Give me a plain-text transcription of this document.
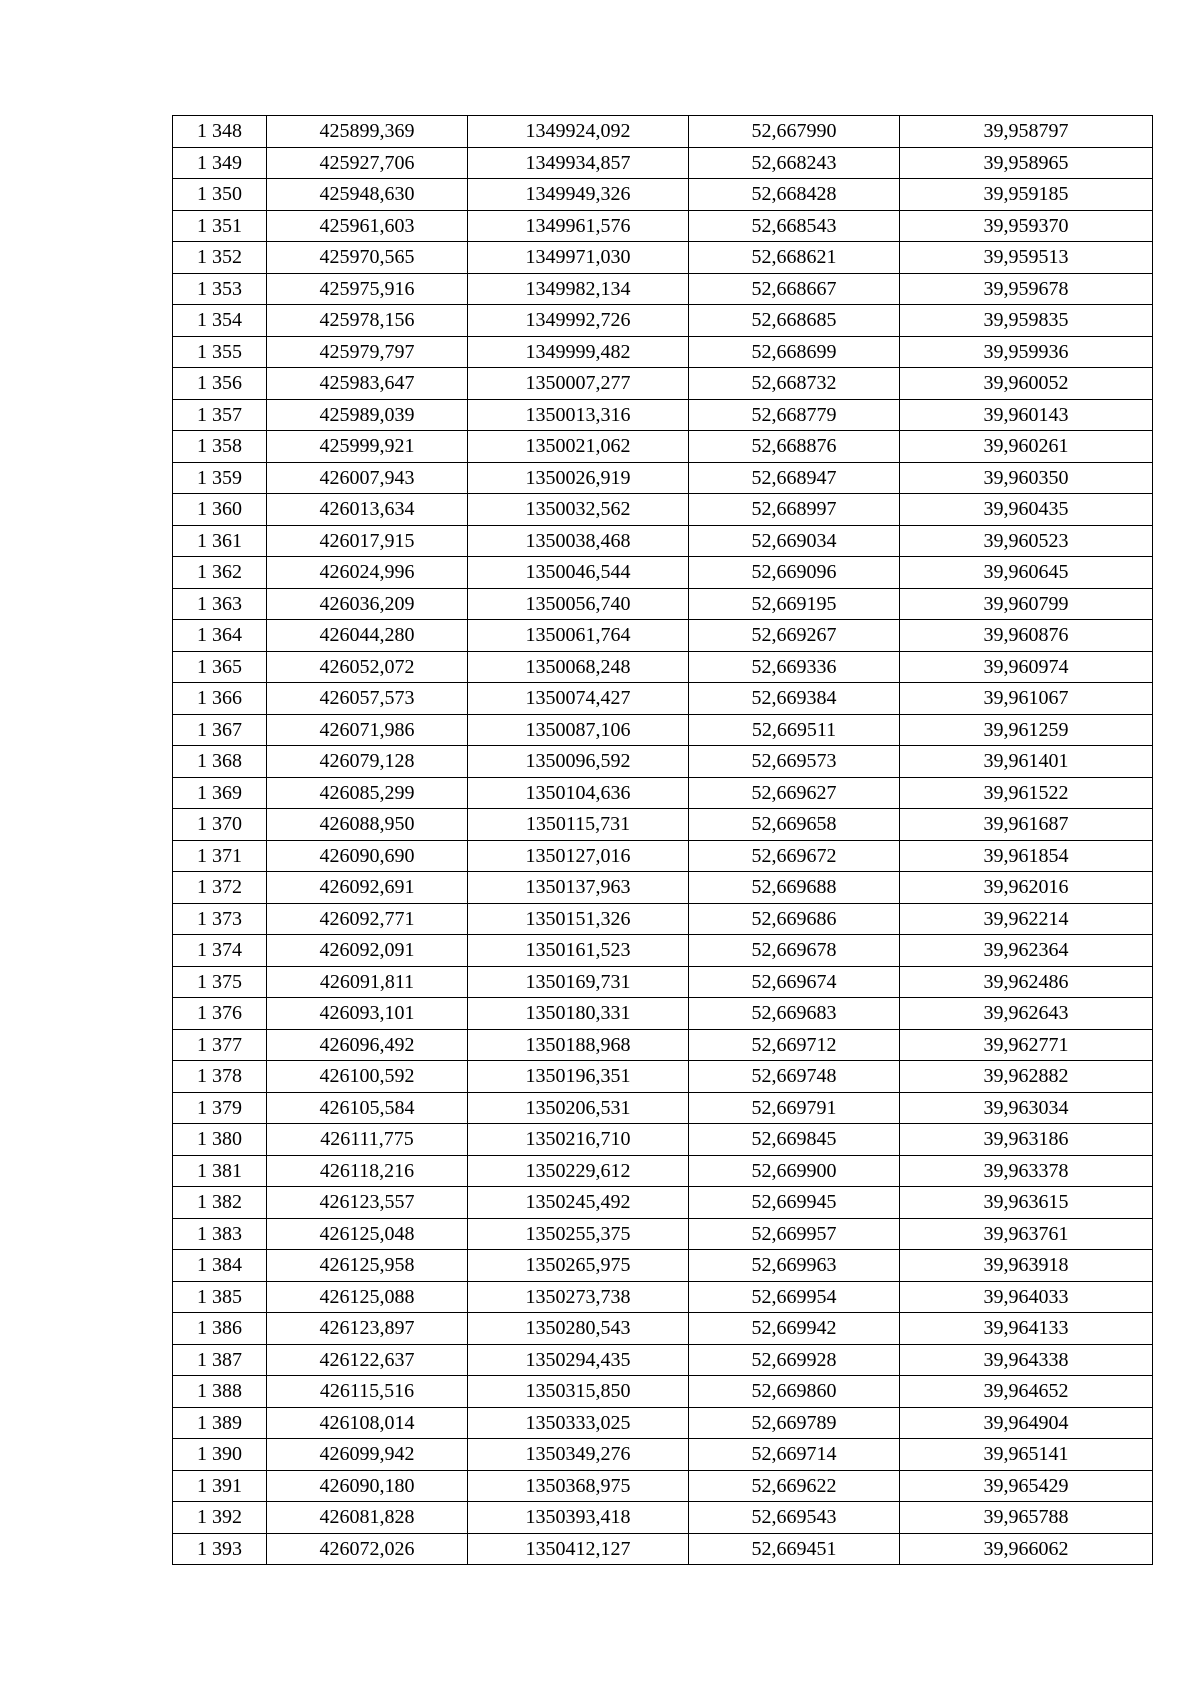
1 348	425899,369	1349924,092	52,667990	39,958797
1 349	425927,706	1349934,857	52,668243	39,958965
1 350	425948,630	1349949,326	52,668428	39,959185
1 351	425961,603	1349961,576	52,668543	39,959370
1 352	425970,565	1349971,030	52,668621	39,959513
1 353	425975,916	1349982,134	52,668667	39,959678
1 354	425978,156	1349992,726	52,668685	39,959835
1 355	425979,797	1349999,482	52,668699	39,959936
1 356	425983,647	1350007,277	52,668732	39,960052
1 357	425989,039	1350013,316	52,668779	39,960143
1 358	425999,921	1350021,062	52,668876	39,960261
1 359	426007,943	1350026,919	52,668947	39,960350
1 360	426013,634	1350032,562	52,668997	39,960435
1 361	426017,915	1350038,468	52,669034	39,960523
1 362	426024,996	1350046,544	52,669096	39,960645
1 363	426036,209	1350056,740	52,669195	39,960799
1 364	426044,280	1350061,764	52,669267	39,960876
1 365	426052,072	1350068,248	52,669336	39,960974
1 366	426057,573	1350074,427	52,669384	39,961067
1 367	426071,986	1350087,106	52,669511	39,961259
1 368	426079,128	1350096,592	52,669573	39,961401
1 369	426085,299	1350104,636	52,669627	39,961522
1 370	426088,950	1350115,731	52,669658	39,961687
1 371	426090,690	1350127,016	52,669672	39,961854
1 372	426092,691	1350137,963	52,669688	39,962016
1 373	426092,771	1350151,326	52,669686	39,962214
1 374	426092,091	1350161,523	52,669678	39,962364
1 375	426091,811	1350169,731	52,669674	39,962486
1 376	426093,101	1350180,331	52,669683	39,962643
1 377	426096,492	1350188,968	52,669712	39,962771
1 378	426100,592	1350196,351	52,669748	39,962882
1 379	426105,584	1350206,531	52,669791	39,963034
1 380	426111,775	1350216,710	52,669845	39,963186
1 381	426118,216	1350229,612	52,669900	39,963378
1 382	426123,557	1350245,492	52,669945	39,963615
1 383	426125,048	1350255,375	52,669957	39,963761
1 384	426125,958	1350265,975	52,669963	39,963918
1 385	426125,088	1350273,738	52,669954	39,964033
1 386	426123,897	1350280,543	52,669942	39,964133
1 387	426122,637	1350294,435	52,669928	39,964338
1 388	426115,516	1350315,850	52,669860	39,964652
1 389	426108,014	1350333,025	52,669789	39,964904
1 390	426099,942	1350349,276	52,669714	39,965141
1 391	426090,180	1350368,975	52,669622	39,965429
1 392	426081,828	1350393,418	52,669543	39,965788
1 393	426072,026	1350412,127	52,669451	39,966062
